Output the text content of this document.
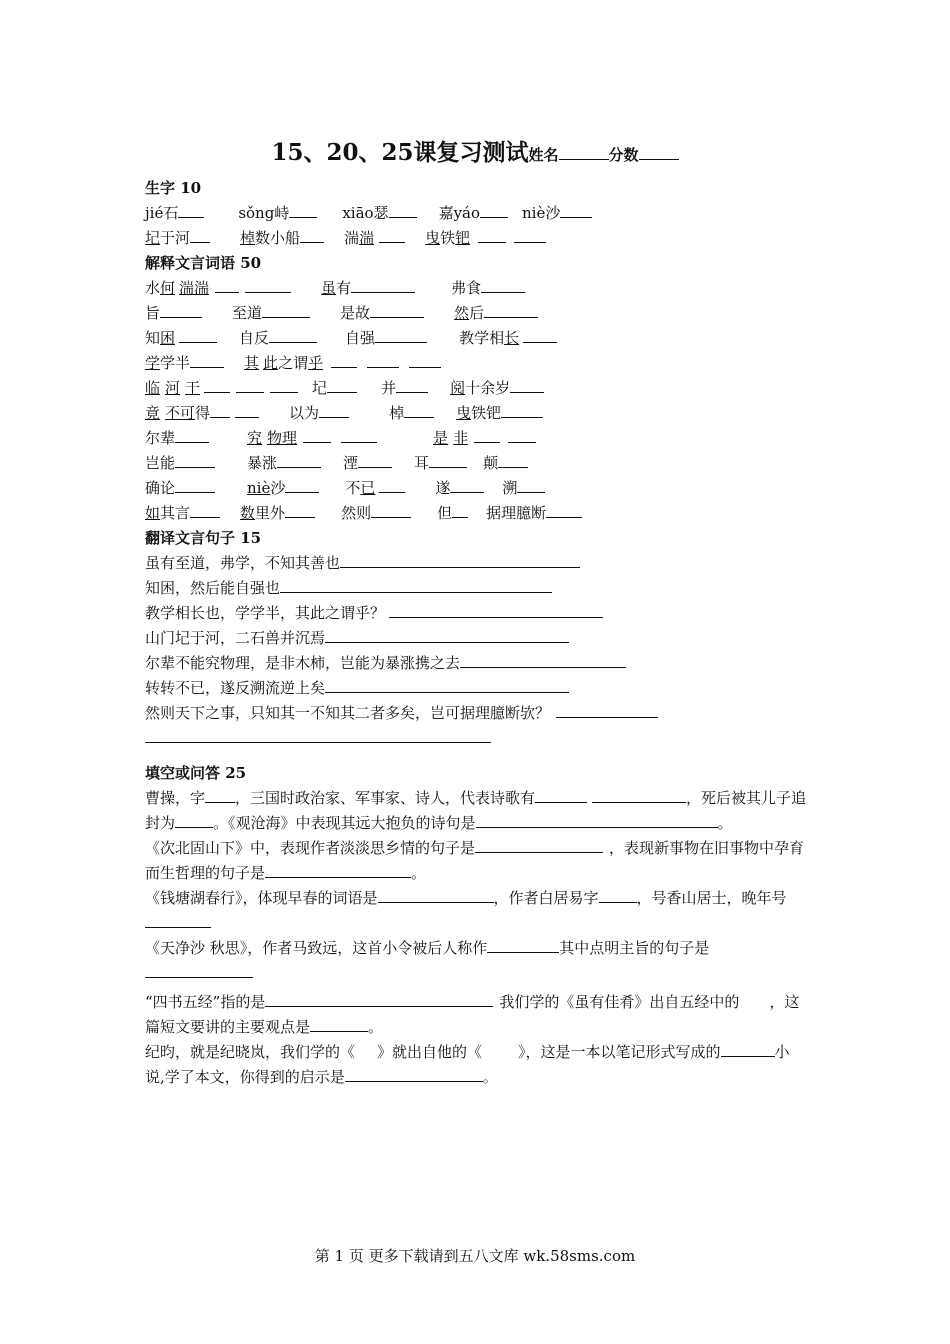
15、20、25课复习测试姓名	分数
生字 10
jié石	sǒng峙	xiāo瑟	嘉yáo	niè沙
圮于河	棹数小船	湍湍	曳铁钯
解释文言词语 50
水何 湍湍	虽有	弗食
旨	至道	是故	然后
知困	自反	自强	教学相长
学学半	其 此之谓乎
临 河 干	圮	并	阅十余岁
竟 不可得	以为	棹	曳铁钯
尔辈	究 物理	是 非
岂能	暴涨	湮	耳	颠
确论	niè沙	不已	遂	溯
如其言	数里外	然则	但 据理臆断
翻译文言句子 15
虽有至道，弗学，不知其善也
知困，然后能自强也
教学相长也，学学半，其此之谓乎？
山门圮于河，二石兽并沉焉
尔辈不能究物理，是非木柿，岂能为暴涨携之去
转转不已，遂反溯流逆上矣
然则天下之事，只知其一不知其二者多矣，岂可据理臆断欤？
填空或问答 25
曹操，字 ，三国时政治家、军事家、诗人，代表诗歌有	，死后被其儿子追封为	。《观沧海》中表现其远大抱负的诗句是	。
《次北固山下》中，表现作者淡淡思乡情的句子是	，表现新事物在旧事物中孕育而生哲理的句子是	。
《钱塘湖春行》，体现早春的词语是	，作者白居易字	，号香山居士，晚年号
《天净沙 秋思》，作者马致远，这首小令被后人称作	其中点明主旨的句子是
“四书五经”指的是	我们学的《虽有佳肴》出自五经中的 ，这篇短文要讲的主要观点是	。
纪昀，就是纪晓岚，我们学的《 》就出自他的《 》，这是一本以笔记形式写成的	小说,学了本文，你得到的启示是	。
第 1 页 更多下载请到五八文库 wk.58sms.com
